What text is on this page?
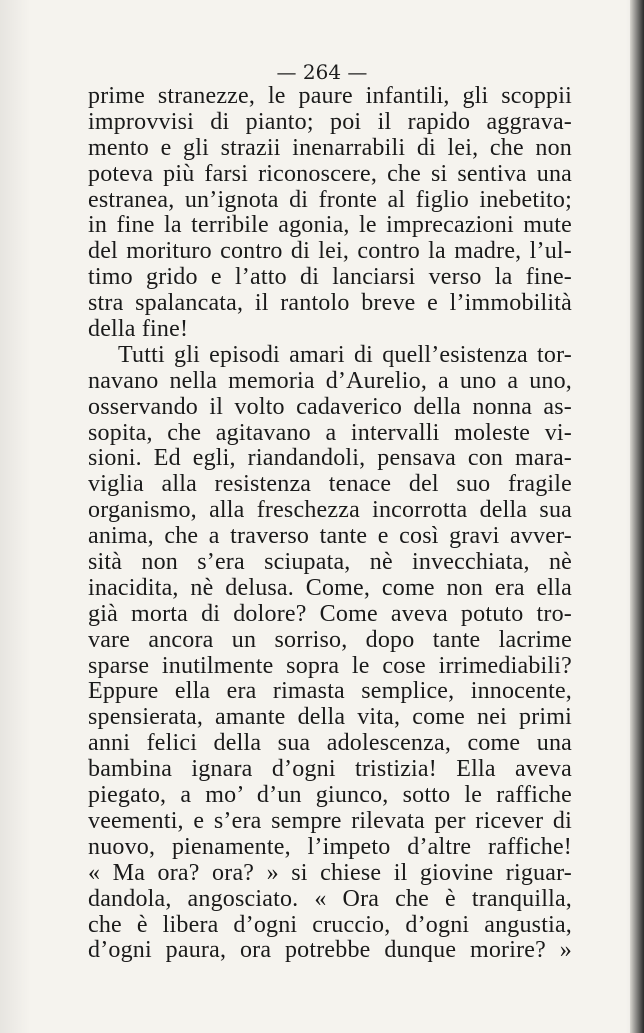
— 264 —
prime stranezze, le paure infantili, gli scoppii
improvvisi di pianto; poi il rapido aggrava-
mento e gli strazii inenarrabili di lei, che non
poteva più farsi riconoscere, che si sentiva una
estranea, un’ignota di fronte al figlio inebetito;
in fine la terribile agonia, le imprecazioni mute
del morituro contro di lei, contro la madre, l’ul-
timo grido e l’atto di lanciarsi verso la fine-
stra spalancata, il rantolo breve e l’immobilità
della fine!
Tutti gli episodi amari di quell’esistenza tor-
navano nella memoria d’Aurelio, a uno a uno,
osservando il volto cadaverico della nonna as-
sopita, che agitavano a intervalli moleste vi-
sioni. Ed egli, riandandoli, pensava con mara-
viglia alla resistenza tenace del suo fragile
organismo, alla freschezza incorrotta della sua
anima, che a traverso tante e così gravi avver-
sità non s’era sciupata, nè invecchiata, nè
inacidita, nè delusa. Come, come non era ella
già morta di dolore? Come aveva potuto tro-
vare ancora un sorriso, dopo tante lacrime
sparse inutilmente sopra le cose irrimediabili?
Eppure ella era rimasta semplice, innocente,
spensierata, amante della vita, come nei primi
anni felici della sua adolescenza, come una
bambina ignara d’ogni tristizia! Ella aveva
piegato, a mo’ d’un giunco, sotto le raffiche
veementi, e s’era sempre rilevata per ricever di
nuovo, pienamente, l’impeto d’altre raffiche!
« Ma ora? ora? » si chiese il giovine riguar-
dandola, angosciato. « Ora che è tranquilla,
che è libera d’ogni cruccio, d’ogni angustia,
d’ogni paura, ora potrebbe dunque morire? »
